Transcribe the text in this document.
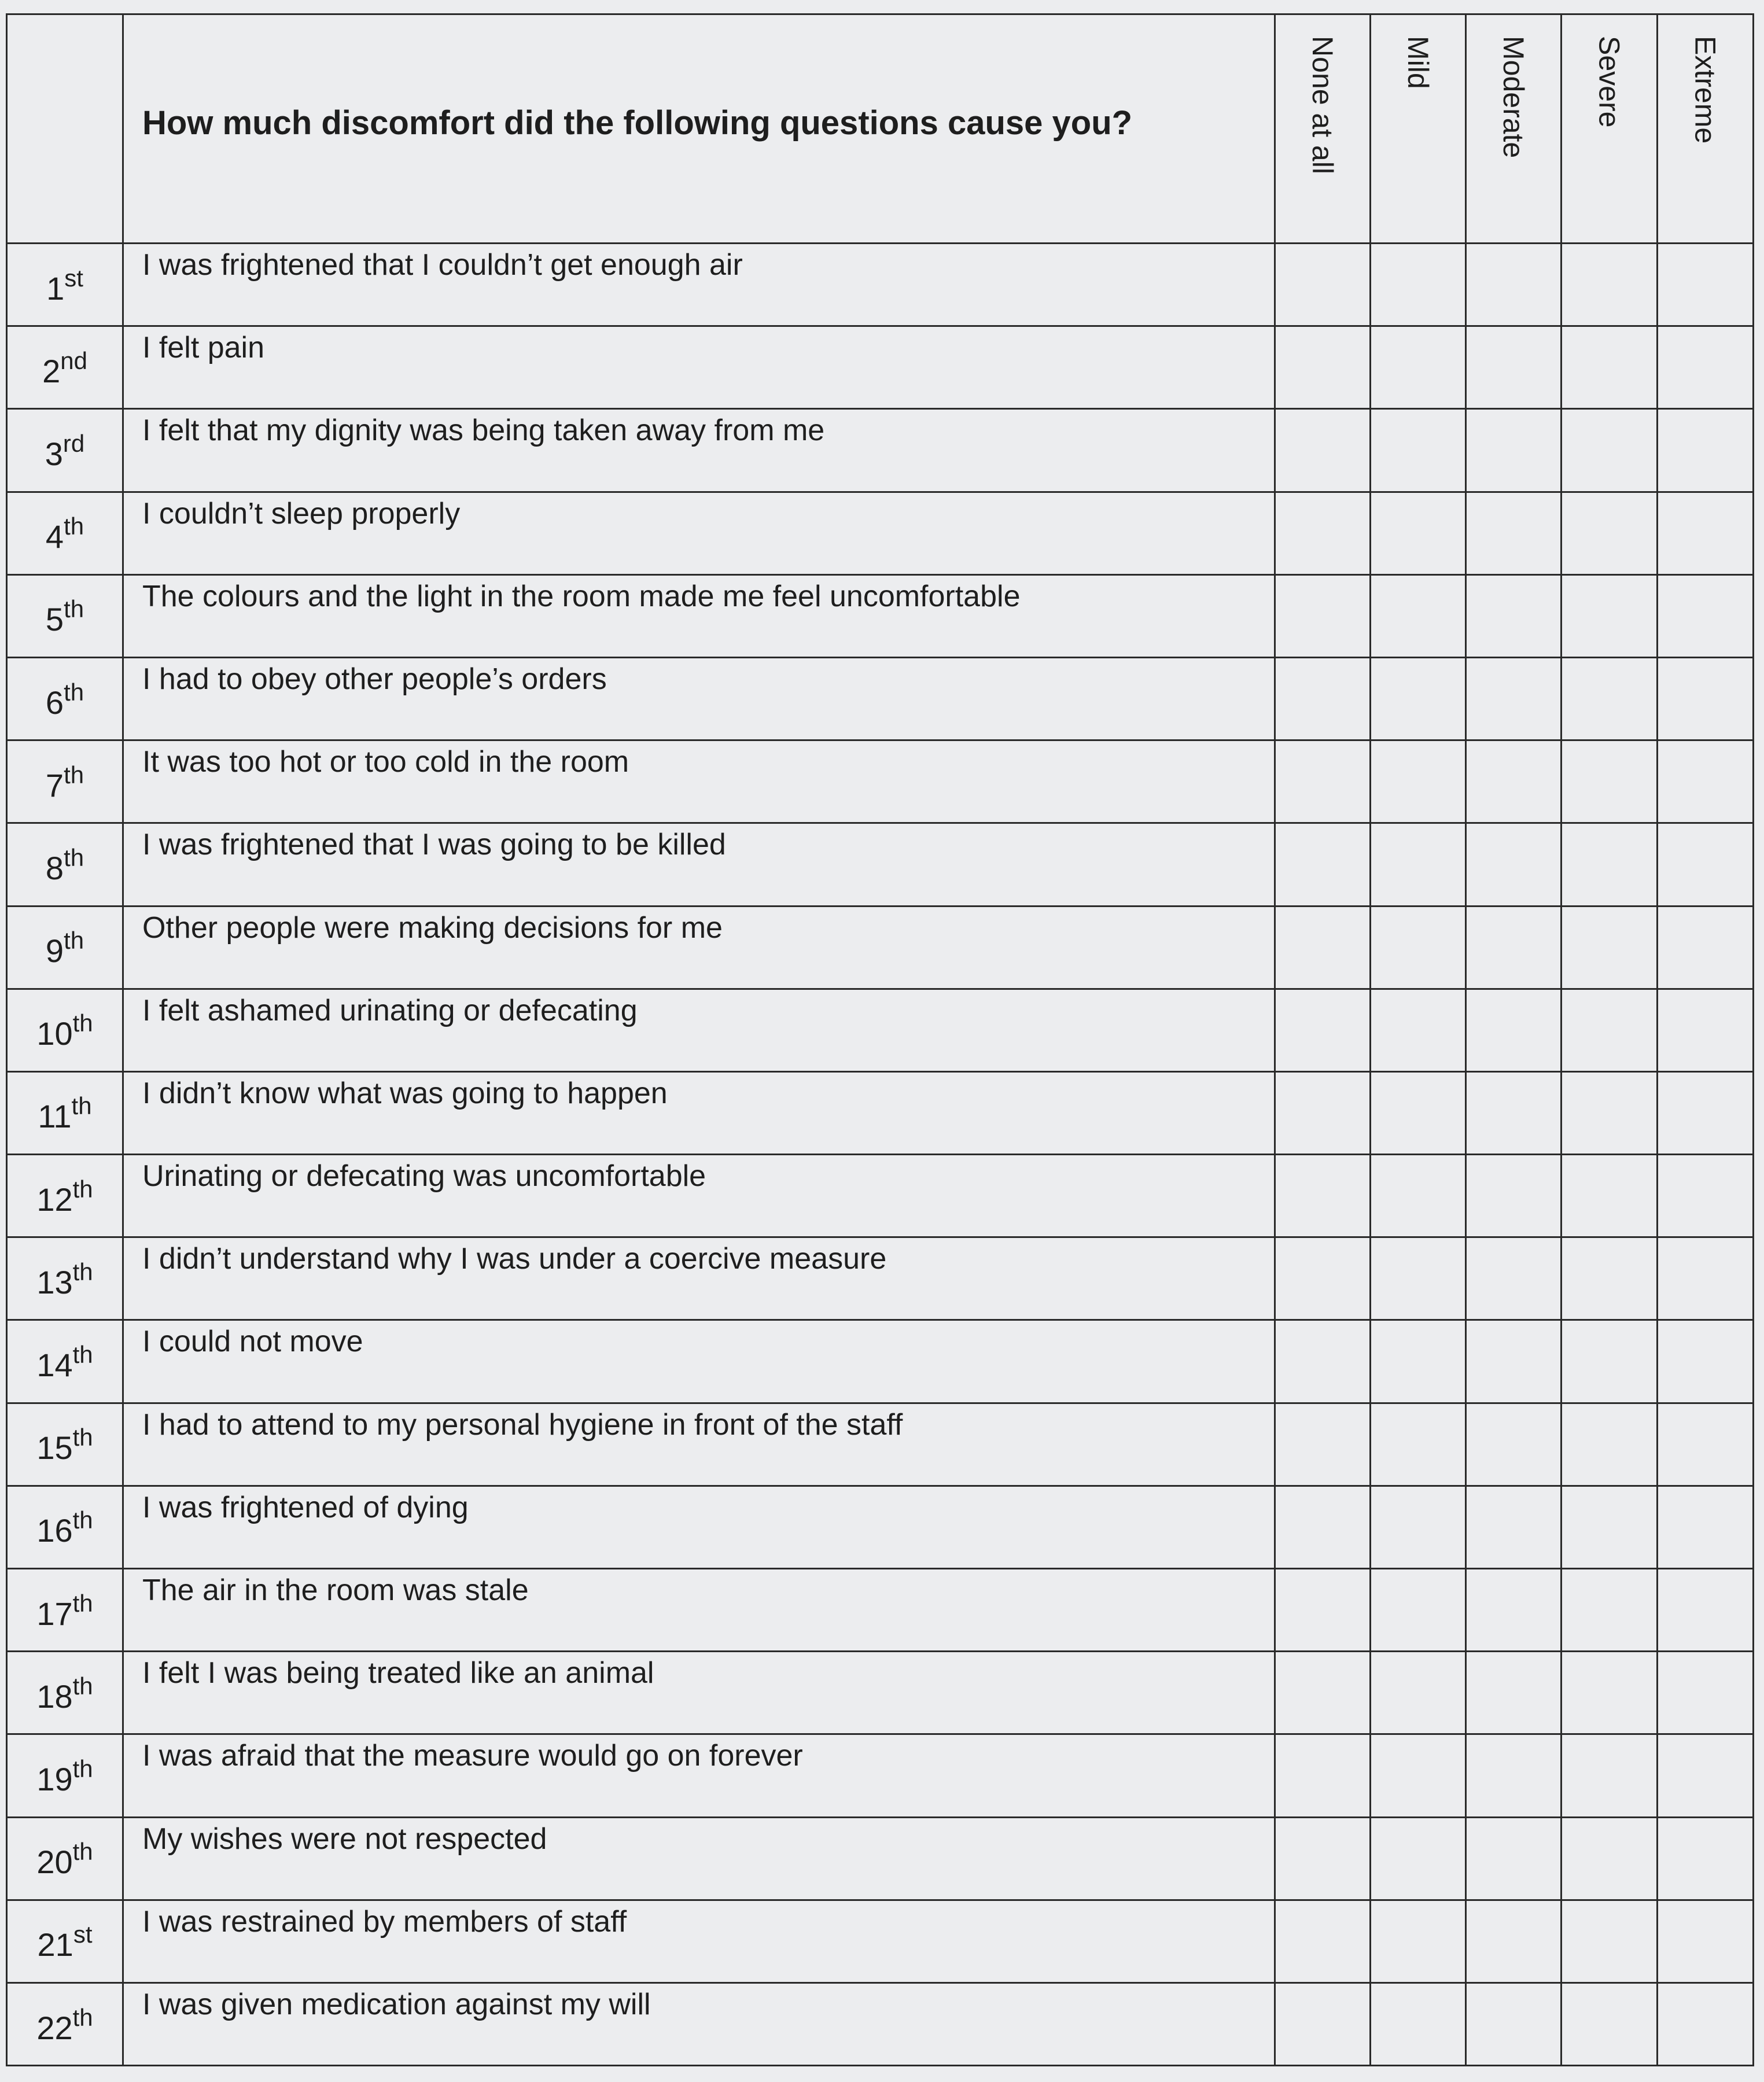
	How much discomfort did the following questions cause you?	None at all	Mild	Moderate	Severe	Extreme

1st	I was frightened that I couldn’t get enough air					
2nd	I felt pain					
3rd	I felt that my dignity was being taken away from me					
4th	I couldn’t sleep properly					
5th	The colours and the light in the room made me feel uncomfortable					
6th	I had to obey other people’s orders					
7th	It was too hot or too cold in the room					
8th	I was frightened that I was going to be killed					
9th	Other people were making decisions for me					
10th	I felt ashamed urinating or defecating					
11th	I didn’t know what was going to happen					
12th	Urinating or defecating was uncomfortable					
13th	I didn’t understand why I was under a coercive measure					
14th	I could not move					
15th	I had to attend to my personal hygiene in front of the staff					
16th	I was frightened of dying					
17th	The air in the room was stale					
18th	I felt I was being treated like an animal					
19th	I was afraid that the measure would go on forever					
20th	My wishes were not respected					
21st	I was restrained by members of staff					
22th	I was given medication against my will					
